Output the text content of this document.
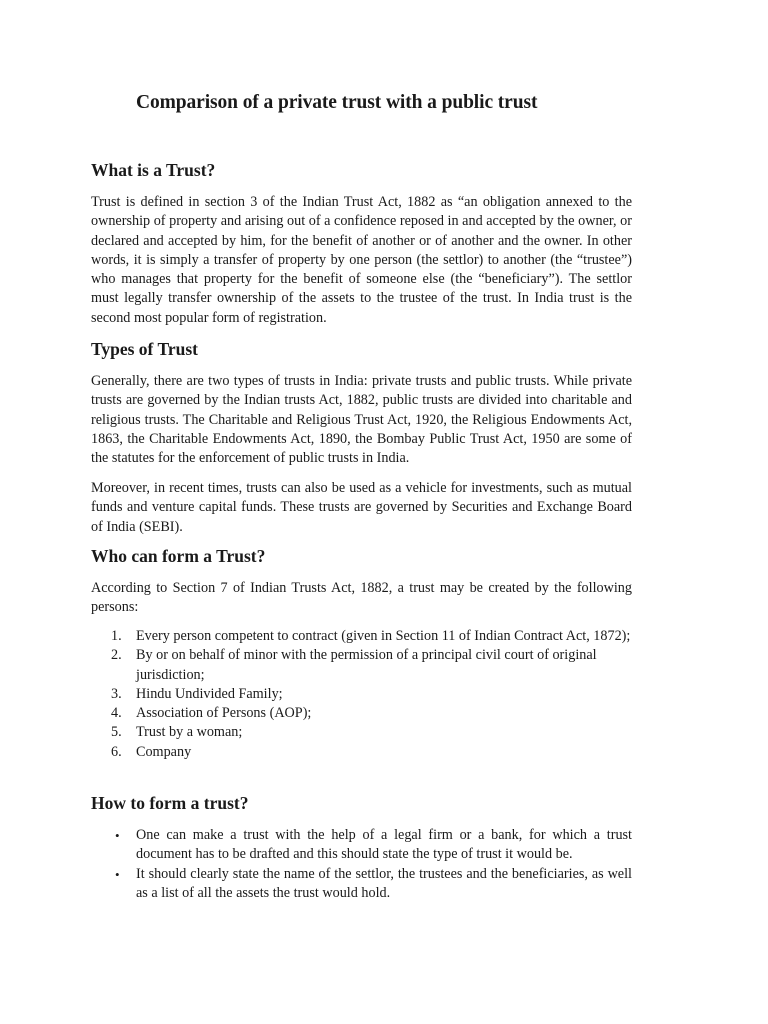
Comparison of a private trust with a public trust
What is a Trust?

Trust is defined in section 3 of the Indian Trust Act, 1882 as “an obligation annexed to the ownership of property and arising out of a confidence reposed in and accepted by the owner, or declared and accepted by him, for the benefit of another or of another and the owner. In other words, it is simply a transfer of property by one person (the settlor) to another (the “trustee”) who manages that property for the benefit of someone else (the “beneficiary”). The settlor must legally transfer ownership of the assets to the trustee of the trust. In India trust is the second most popular form of registration.

Types of Trust

Generally, there are two types of trusts in India: private trusts and public trusts. While private trusts are governed by the Indian trusts Act, 1882, public trusts are divided into charitable and religious trusts. The Charitable and Religious Trust Act, 1920, the Religious Endowments Act, 1863, the Charitable Endowments Act, 1890, the Bombay Public Trust Act, 1950 are some of the statutes for the enforcement of public trusts in India.

Moreover, in recent times, trusts can also be used as a vehicle for investments, such as mutual funds and venture capital funds. These trusts are governed by Securities and Exchange Board of India (SEBI).

Who can form a Trust?

According to Section 7 of Indian Trusts Act, 1882, a trust may be created by the following persons:

1. Every person competent to contract (given in Section 11 of Indian Contract Act, 1872);
2. By or on behalf of minor with the permission of a principal civil court of original jurisdiction;
3. Hindu Undivided Family;
4. Association of Persons (AOP);
5. Trust by a woman;
6. Company
How to form a trust?
• One can make a trust with the help of a legal firm or a bank, for which a trust document has to be drafted and this should state the type of trust it would be.
• It should clearly state the name of the settlor, the trustees and the beneficiaries, as well as a list of all the assets the trust would hold.
